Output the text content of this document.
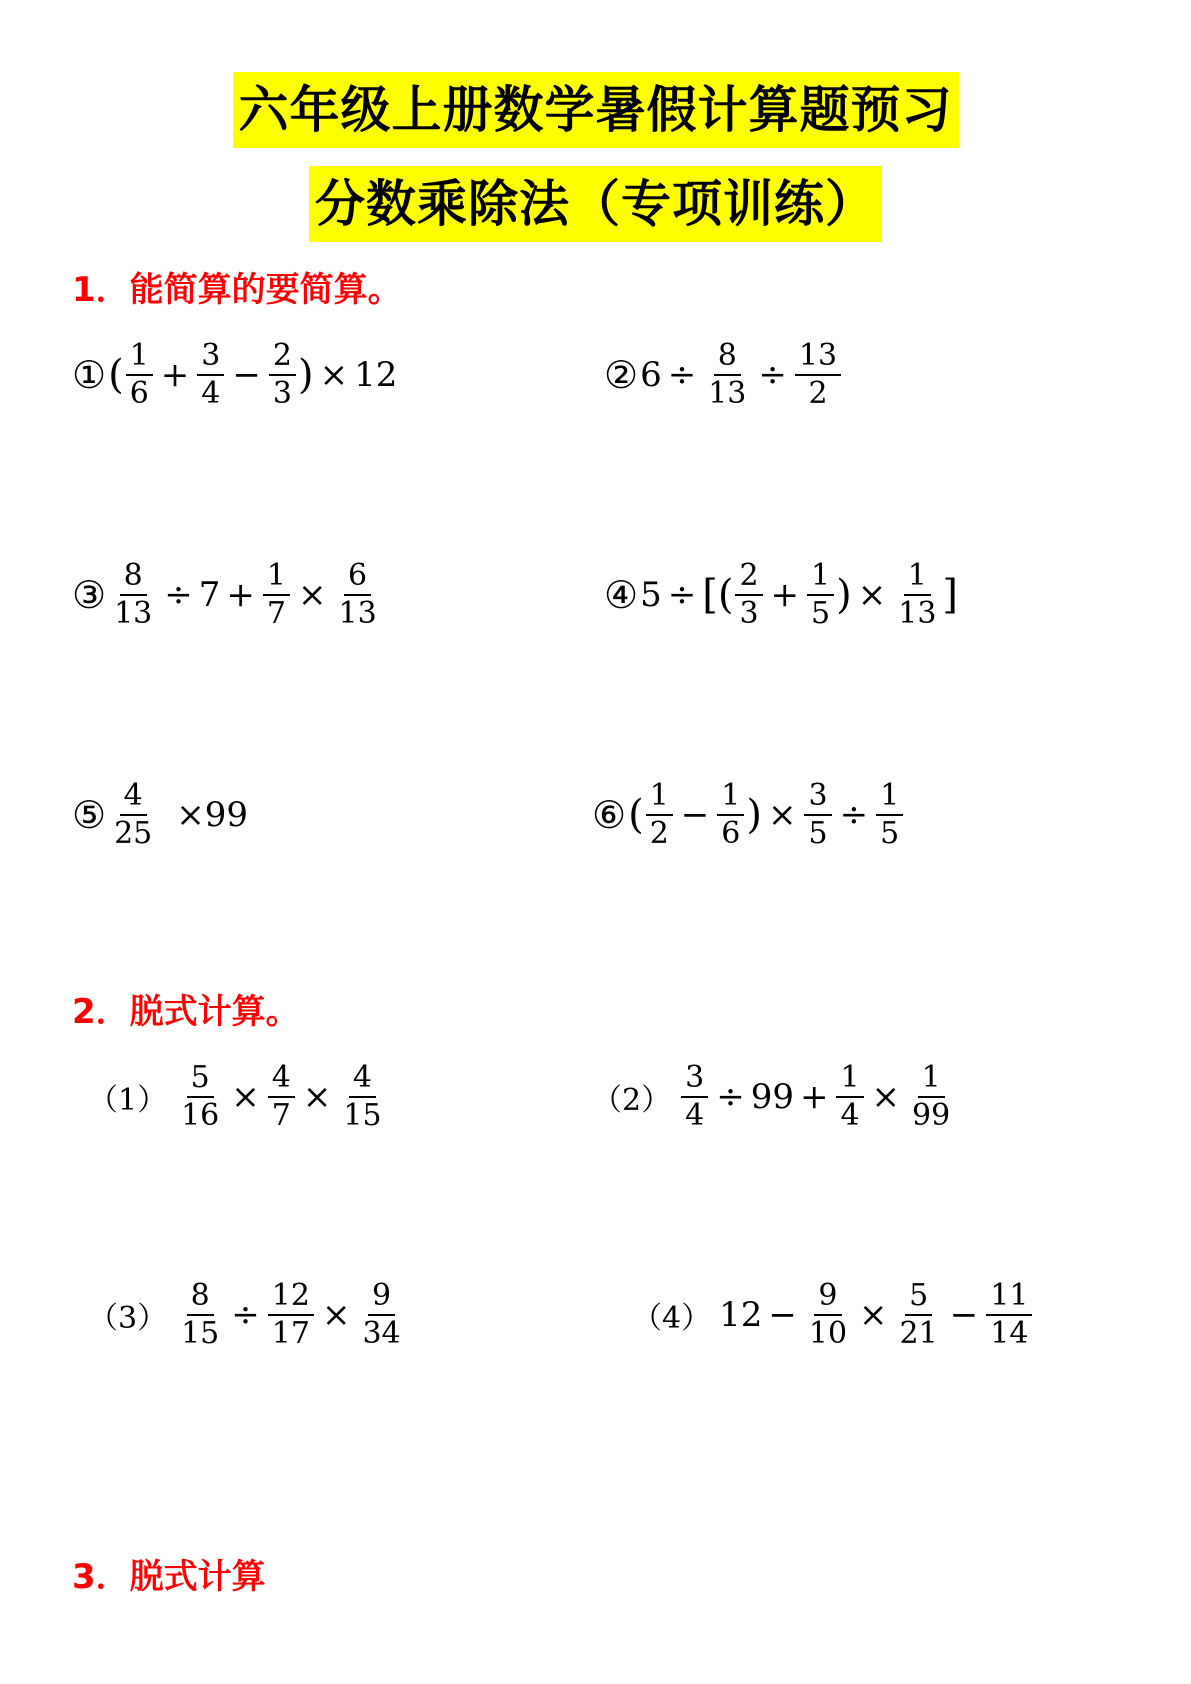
六年级上册数学暑假计算题预习
分数乘除法（专项训练）
1．能简算的要简算。
① ( $\frac{1}{6} + \frac{3}{4} - \frac{2}{3}$ ) × 12	② $6 \div \frac{8}{13} \div \frac{13}{2}$
③ $\frac{8}{13} \div 7 + \frac{1}{7} \times \frac{6}{13}$	④ 5 ÷ [( $\frac{2}{3} + \frac{1}{5}$ ) × $\frac{1}{13}$ ]
⑤ $\frac{4}{25} \times 99$	⑥ ( $\frac{1}{2} - \frac{1}{6}$ ) × $\frac{3}{5} \div \frac{1}{5}$
2．脱式计算。
$(1) \frac{5}{16} \times \frac{4}{7} \times \frac{4}{15}$	$(2) \frac{3}{4} \div 99 + \frac{1}{4} \times \frac{1}{99}$
$(3) \frac{8}{15} \div \frac{12}{17} \times \frac{9}{34}$	（4） $12 - \frac{9}{10} \times \frac{5}{21} - \frac{11}{14}$
3．脱式计算
